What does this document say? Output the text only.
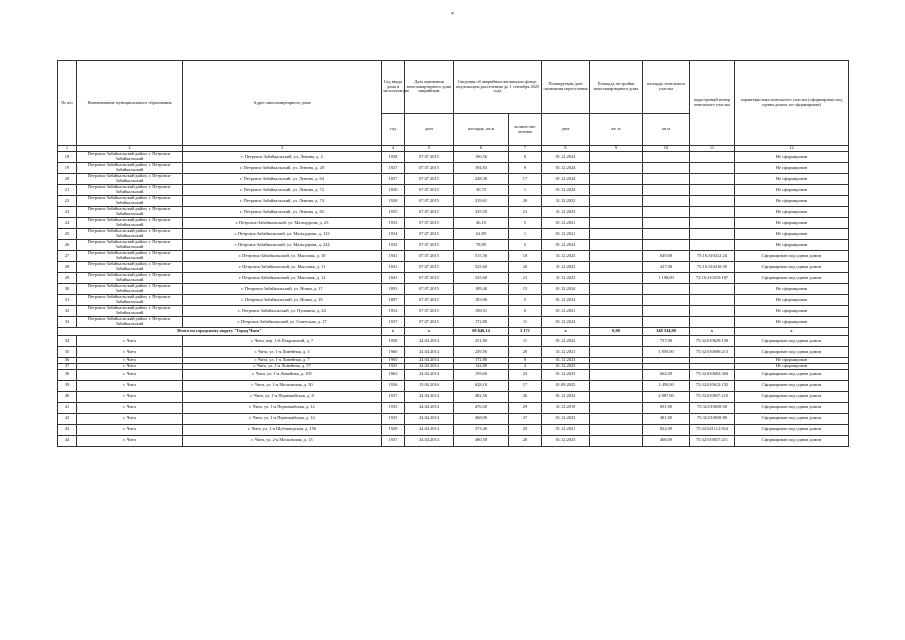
*
№ п/п	Наименование муниципального образования	Адрес многоквартирного дома	Год ввода дома в эксплуатацию	Дата признания многоквартирного дома аварийным	Сведения об аварийном жилищном фонде, подлежащем расселению до 1 сентября 2025 года		Планируемая дата окончания переселения	Площадь застройки многоквартирного дома	площадь земельного участка	кадастровый номер земельного участка	характеристика земельного участка (сформирован под одним домом, не сформирован)
			год	дата	площадь, кв.м	количество человек	дата	кв. м	кв.м		
1	2	3	4	5	6	7	8	9	10	11	12
18	Петровск-Забайкальский район, г. Петровск-Забайкальский	г. Петровск-Забайкальский, ул. Ленина, д. 2	1938	07.07.2015	196,56	8	01.12.2024				Не сформирован
19	Петровск-Забайкальский район, г. Петровск-Забайкальский	г. Петровск-Забайкальский, ул. Ленина, д. 28	1927	07.07.2015	194,83	9	01.12.2024				Не сформирован
20	Петровск-Забайкальский район, г. Петровск-Забайкальский	г. Петровск-Забайкальский, ул. Ленина, д. 64	1957	07.07.2015	248,38	17	01.12.2024				Не сформирован
21	Петровск-Забайкальский район, г. Петровск-Забайкальский	г. Петровск-Забайкальский, ул. Ленина, д. 72	1926	07.07.2015	36,75	1	01.12.2024				Не сформирован
22	Петровск-Забайкальский район, г. Петровск-Забайкальский	г. Петровск-Забайкальский, ул. Ленина, д. 74	1928	07.07.2015	319,61	20	31.12.2023				Не сформирован
23	Петровск-Забайкальский район, г. Петровск-Забайкальский	г. Петровск-Забайкальский, ул. Ленина, д. 82	1955	07.07.2015	335,50	21	31.12.2023				Не сформирован
24	Петровск-Забайкальский район, г. Петровск-Забайкальский	г. Петровск-Забайкальский, ул. Мальцурова, д. 23	1933	07.07.2015	46,10	5	01.12.2021				Не сформирован
25	Петровск-Забайкальский район, г. Петровск-Забайкальский	г. Петровск-Забайкальский, ул. Мальцурова, д. 133	1934	07.07.2015	62,89	1	01.12.2021				Не сформирован
26	Петровск-Забайкальский район, г. Петровск-Забайкальский	г. Петровск-Забайкальский, ул. Мальцурова, д. 224	1935	07.07.2015	78,89	5	01.12.2024				Не сформирован
27	Петровск-Забайкальский район, г. Петровск-Забайкальский	г. Петровск-Забайкальский, ул. Мысовая, д. 10	1941	07.07.2015	515,56	18	31.12.2023		649,00	75:16:310412:24	Сформирован под одним домом
28	Петровск-Забайкальский район, г. Петровск-Забайкальский	г. Петровск-Забайкальский, ул. Мысовая, д. 11	1941	07.07.2015	525,60	20	31.12.2023		427,00	75:16:310410:39	Сформирован под одним домом
29	Петровск-Забайкальский район, г. Петровск-Забайкальский	г. Петровск-Забайкальский, ул. Мысовая, д. 12	1941	07.07.2015	525,60	21	31.12.2023		1 198,00	75:16:310410:187	Сформирован под одним домом
30	Петровск-Забайкальский район, г. Петровск-Забайкальский	г. Петровск-Забайкальский, ул. Новая, д. 17	1893	07.07.2015	189,40	15	01.12.2024				Не сформирован
31	Петровск-Забайкальский район, г. Петровск-Забайкальский	г. Петровск-Забайкальский, ул. Новая, д. 19	1897	07.07.2015	183,96	5	01.12.2024				Не сформирован
32	Петровск-Забайкальский район, г. Петровск-Забайкальский	г. Петровск-Забайкальский, ул. Пушкина, д. 24	1952	07.07.2015	198,51	6	01.12.2021				Не сформирован
33	Петровск-Забайкальский район, г. Петровск-Забайкальский	г. Петровск-Забайкальский, ул. Советская, д. 17	1937	07.07.2015	172,80	11	01.12.2024				Не сформирован
Итого по городскому округу "Город Чита"			x	x	69 640,14	3 171	x	0,00	348 334,00	x	x
34	г. Чита	г. Чита, пер. 1-й Покровский, д. 7	1958	24.04.2014	351,80	11	01.12.2022		737,00	75:32:010629:139	Сформирован под одним домом
35	г. Чита	г. Чита, ул. 1-я Линейная, д. 3	1960	24.04.2014	239,56	20	31.12.2021		1 850,00	75:32:010606:213	Сформирован под одним домом
36	г. Чита	г. Чита, ул. 1-я Линейная, д. 7	1965	24.04.2014	172,80	8	01.12.2023				Не сформирован
37	г. Чита	г. Чита, ул. 1-я Линейная, д. 57	1925	24.04.2014	142,89	4	01.12.2023				Не сформирован
38	г. Чита	г. Чита, ул. 1-я Линейная, д. 105	1963	24.04.2014	159,60	23	01.12.2023		662,00	75:32:010602:304	Сформирован под одним домом
39	г. Чита	г. Чита, ул. 1-я Московская, д. 50	1936	15.04.2016	628,10	17	01.09.2025		1 450,00	75:32:010612:192	Сформирован под одним домом
40	г. Чита	г. Чита, ул. 1-я Первомайская, д. 8	1937	24.04.2014	482,56	26	01.12.2022		4 887,00	75:32:010657:210	Сформирован под одним домом
41	г. Чита	г. Чита, ул. 1-я Первомайская, д. 12	1935	24.04.2014	476,50	29	31.12.2019		691,00	75:32:010658:58	Сформирован под одним домом
42	г. Чита	г. Чита, ул. 1-я Первомайская, д. 14	1935	24.04.2014	468,00	27	01.12.2023		481,00	75:32:010658:80	Сформирован под одним домом
43	г. Чита	г. Чита, ул. 1-я Шубзаводская, д. 156	1929	24.04.2014	373,40	25	01.12.2021		822,00	75:32:021112:924	Сформирован под одним домом
44	г. Чита	г. Чита, ул. 2-я Московская, д. 13	1937	24.04.2014	480,50	20	01.12.2023		468,00	75:32:010657:211	Сформирован под одним домом
